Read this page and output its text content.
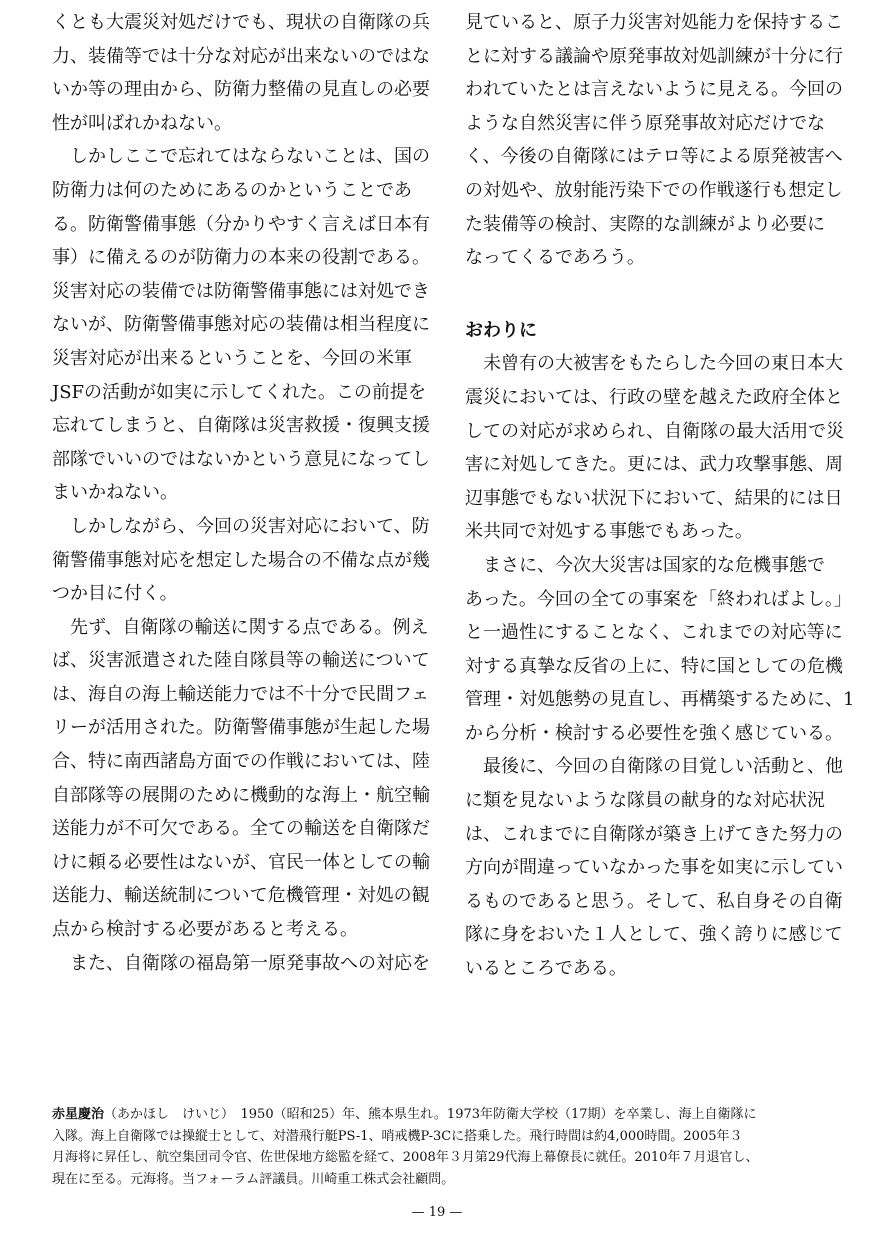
くとも大震災対処だけでも、現状の自衛隊の兵
力、装備等では十分な対応が出来ないのではな
いか等の理由から、防衛力整備の見直しの必要
性が叫ばれかねない。
しかしここで忘れてはならないことは、国の
防衛力は何のためにあるのかということであ
る。防衛警備事態（分かりやすく言えば日本有
事）に備えるのが防衛力の本来の役割である。
災害対応の装備では防衛警備事態には対処でき
ないが、防衛警備事態対応の装備は相当程度に
災害対応が出来るということを、今回の米軍
JSFの活動が如実に示してくれた。この前提を
忘れてしまうと、自衛隊は災害救援・復興支援
部隊でいいのではないかという意見になってし
まいかねない。
しかしながら、今回の災害対応において、防
衛警備事態対応を想定した場合の不備な点が幾
つか目に付く。
先ず、自衛隊の輸送に関する点である。例え
ば、災害派遣された陸自隊員等の輸送について
は、海自の海上輸送能力では不十分で民間フェ
リーが活用された。防衛警備事態が生起した場
合、特に南西諸島方面での作戦においては、陸
自部隊等の展開のために機動的な海上・航空輸
送能力が不可欠である。全ての輸送を自衛隊だ
けに頼る必要性はないが、官民一体としての輸
送能力、輸送統制について危機管理・対処の観
点から検討する必要があると考える。
また、自衛隊の福島第一原発事故への対応を
見ていると、原子力災害対処能力を保持するこ
とに対する議論や原発事故対処訓練が十分に行
われていたとは言えないように見える。今回の
ような自然災害に伴う原発事故対応だけでな
く、今後の自衛隊にはテロ等による原発被害へ
の対処や、放射能汚染下での作戦遂行も想定し
た装備等の検討、実際的な訓練がより必要に
なってくるであろう。
おわりに
未曾有の大被害をもたらした今回の東日本大
震災においては、行政の壁を越えた政府全体と
しての対応が求められ、自衛隊の最大活用で災
害に対処してきた。更には、武力攻撃事態、周
辺事態でもない状況下において、結果的には日
米共同で対処する事態でもあった。
まさに、今次大災害は国家的な危機事態で
あった。今回の全ての事案を「終わればよし。」
と一過性にすることなく、これまでの対応等に
対する真摯な反省の上に、特に国としての危機
管理・対処態勢の見直し、再構築するために、1
から分析・検討する必要性を強く感じている。
最後に、今回の自衛隊の目覚しい活動と、他
に類を見ないような隊員の献身的な対応状況
は、これまでに自衛隊が築き上げてきた努力の
方向が間違っていなかった事を如実に示してい
るものであると思う。そして、私自身その自衛
隊に身をおいた１人として、強く誇りに感じて
いるところである。
赤星慶治（あかほし　けいじ）　1950（昭和25）年、熊本県生れ。1973年防衛大学校（17期）を卒業し、海上自衛隊に
入隊。海上自衛隊では操縦士として、対潜飛行艇PS-1、哨戒機P-3Cに搭乗した。飛行時間は約4,000時間。2005年３
月海将に昇任し、航空集団司令官、佐世保地方総監を経て、2008年３月第29代海上幕僚長に就任。2010年７月退官し、
現在に至る。元海将。当フォーラム評議員。川崎重工株式会社顧問。
— 19 —
